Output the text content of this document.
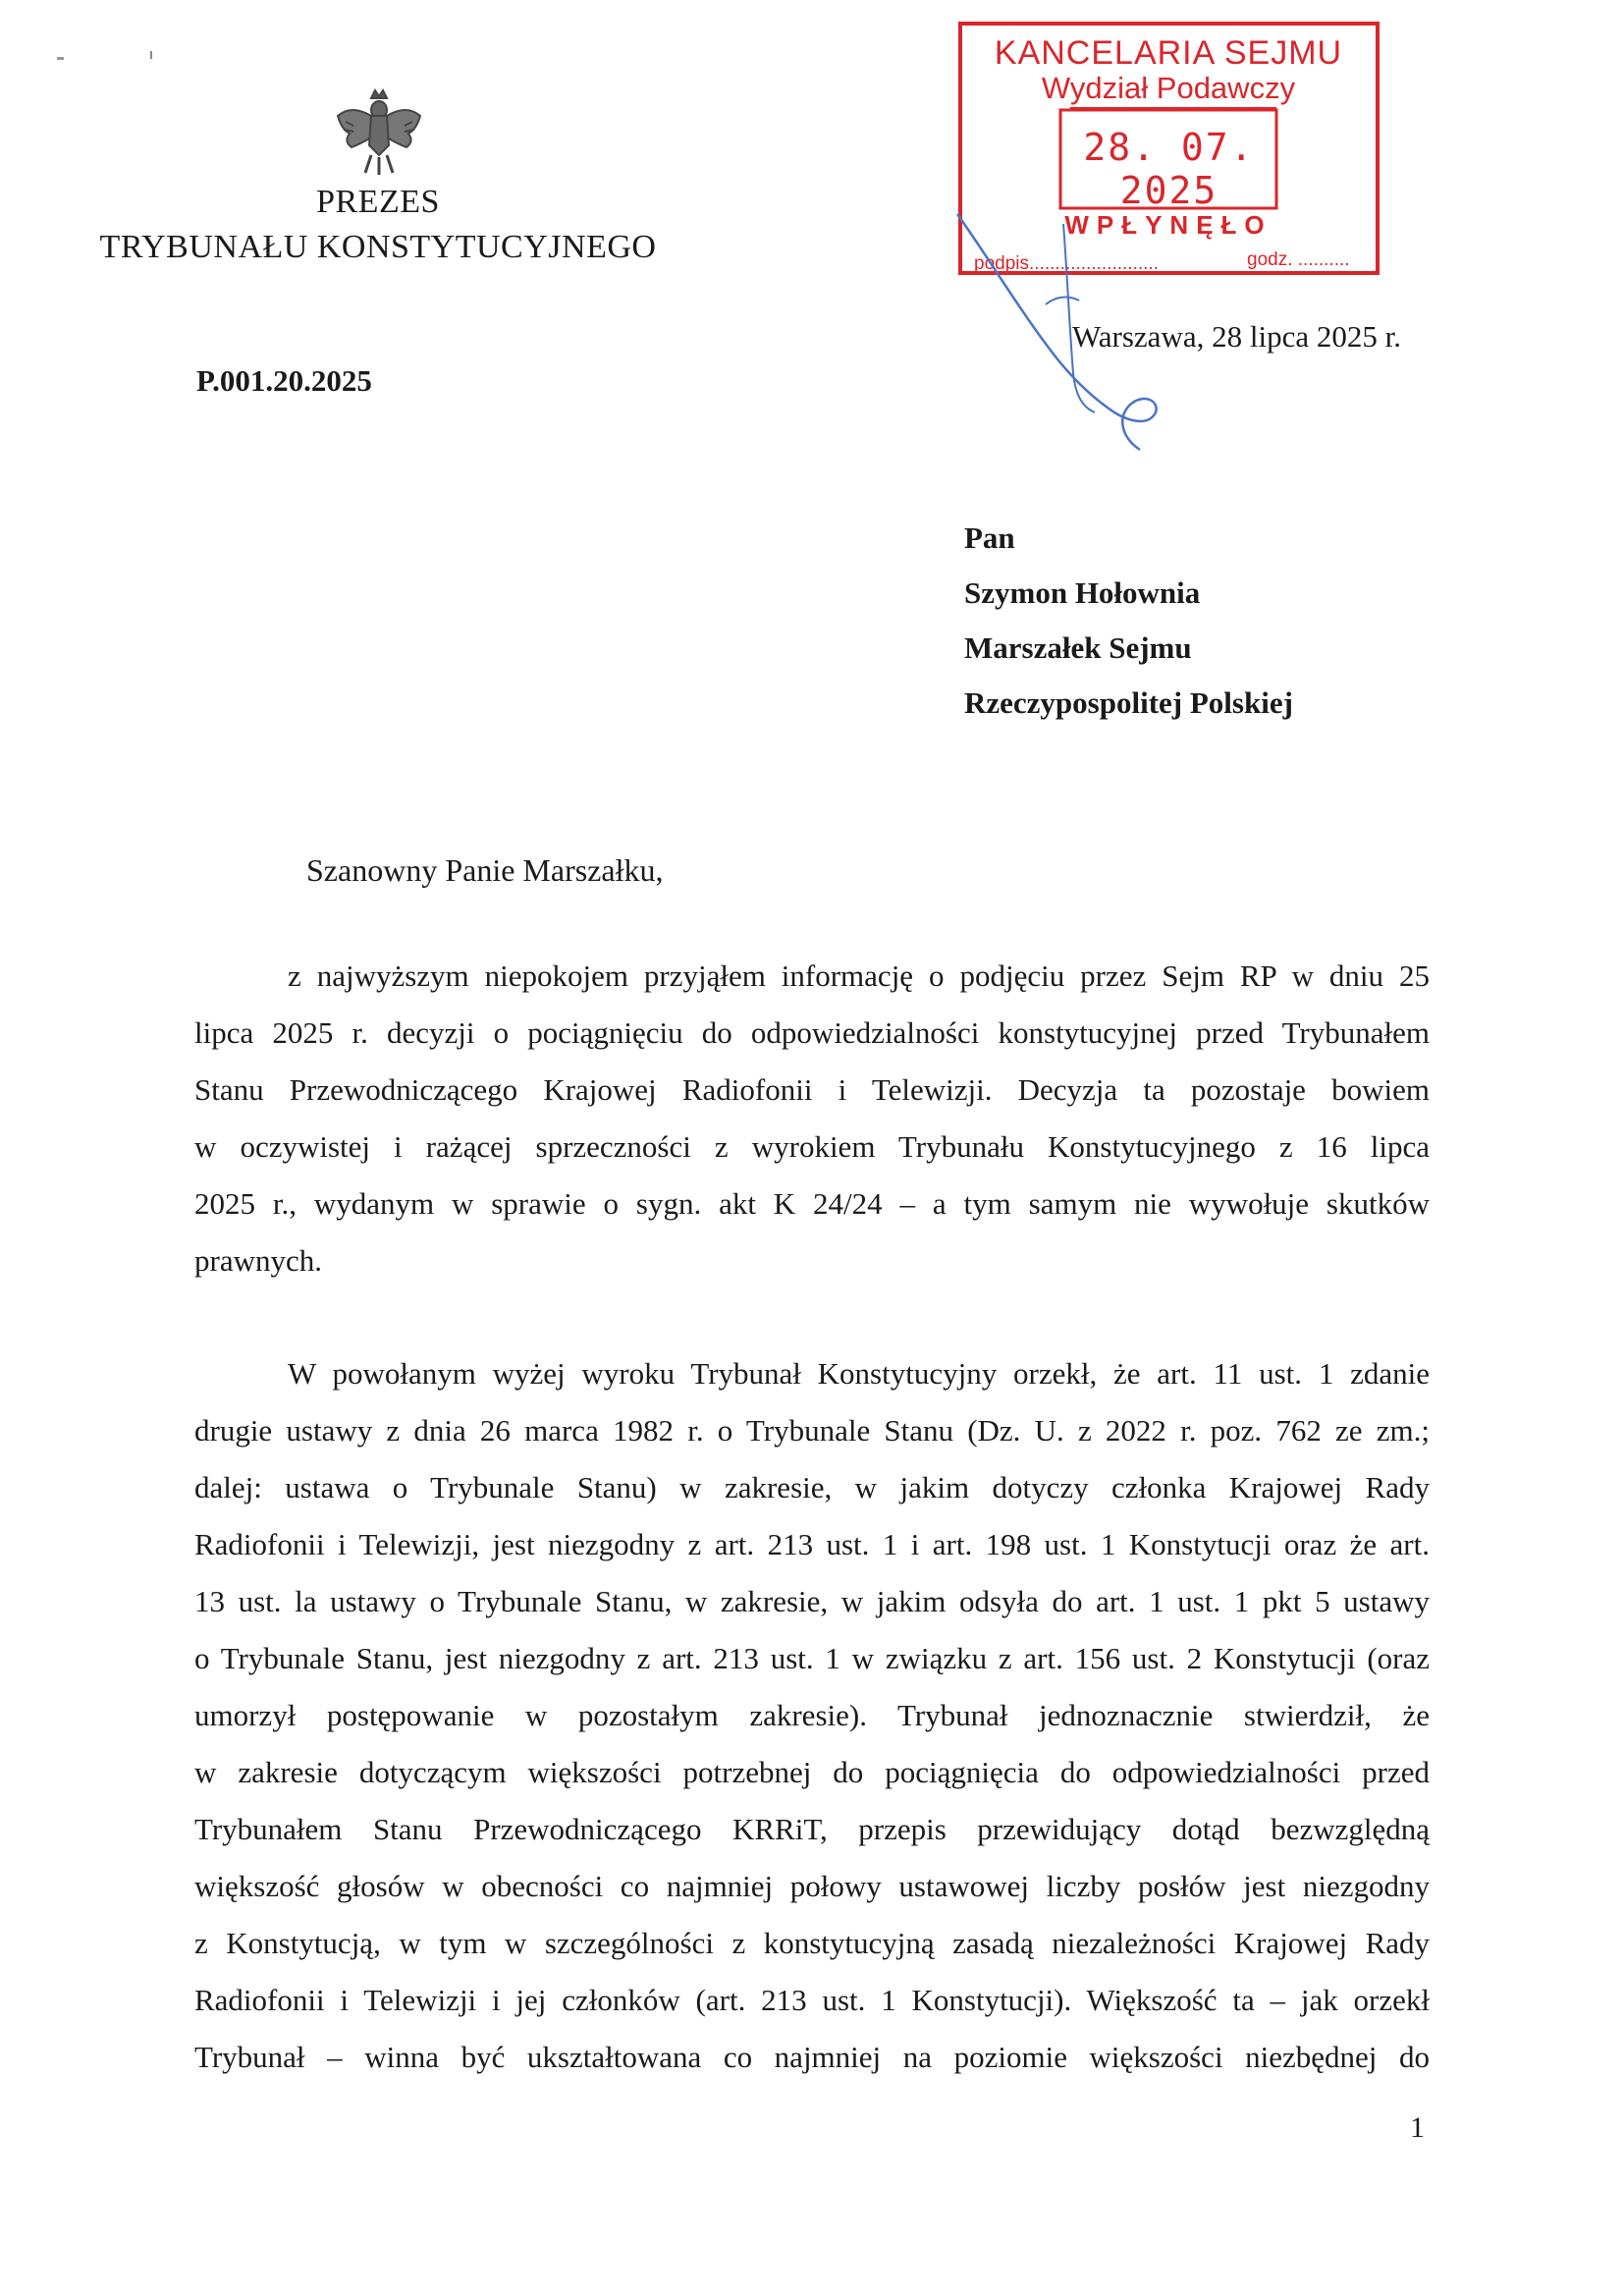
PREZES
TRYBUNAŁU KONSTYTUCYJNEGO
P.001.20.2025
KANCELARIA SEJMU
Wydział Podawczy
28. 07. 2025
WPŁYNĘŁO
podpis.........................	godz. ..........
Warszawa, 28 lipca 2025 r.
Pan
Szymon Hołownia
Marszałek Sejmu
Rzeczypospolitej Polskiej
Szanowny Panie Marszałku,
z najwyższym niepokojem przyjąłem informację o podjęciu przez Sejm RP w dniu 25
lipca 2025 r. decyzji o pociągnięciu do odpowiedzialności konstytucyjnej przed Trybunałem
Stanu Przewodniczącego Krajowej Radiofonii i Telewizji. Decyzja ta pozostaje bowiem
w oczywistej i rażącej sprzeczności z wyrokiem Trybunału Konstytucyjnego z 16 lipca
2025 r., wydanym w sprawie o sygn. akt K 24/24 – a tym samym nie wywołuje skutków
prawnych.
W powołanym wyżej wyroku Trybunał Konstytucyjny orzekł, że art. 11 ust. 1 zdanie
drugie ustawy z dnia 26 marca 1982 r. o Trybunale Stanu (Dz. U. z 2022 r. poz. 762 ze zm.;
dalej: ustawa o Trybunale Stanu) w zakresie, w jakim dotyczy członka Krajowej Rady
Radiofonii i Telewizji, jest niezgodny z art. 213 ust. 1 i art. 198 ust. 1 Konstytucji oraz że art.
13 ust. la ustawy o Trybunale Stanu, w zakresie, w jakim odsyła do art. 1 ust. 1 pkt 5 ustawy
o Trybunale Stanu, jest niezgodny z art. 213 ust. 1 w związku z art. 156 ust. 2 Konstytucji (oraz
umorzył postępowanie w pozostałym zakresie). Trybunał jednoznacznie stwierdził, że
w zakresie dotyczącym większości potrzebnej do pociągnięcia do odpowiedzialności przed
Trybunałem Stanu Przewodniczącego KRRiT, przepis przewidujący dotąd bezwzględną
większość głosów w obecności co najmniej połowy ustawowej liczby posłów jest niezgodny
z Konstytucją, w tym w szczególności z konstytucyjną zasadą niezależności Krajowej Rady
Radiofonii i Telewizji i jej członków (art. 213 ust. 1 Konstytucji). Większość ta – jak orzekł
Trybunał – winna być ukształtowana co najmniej na poziomie większości niezbędnej do
1
